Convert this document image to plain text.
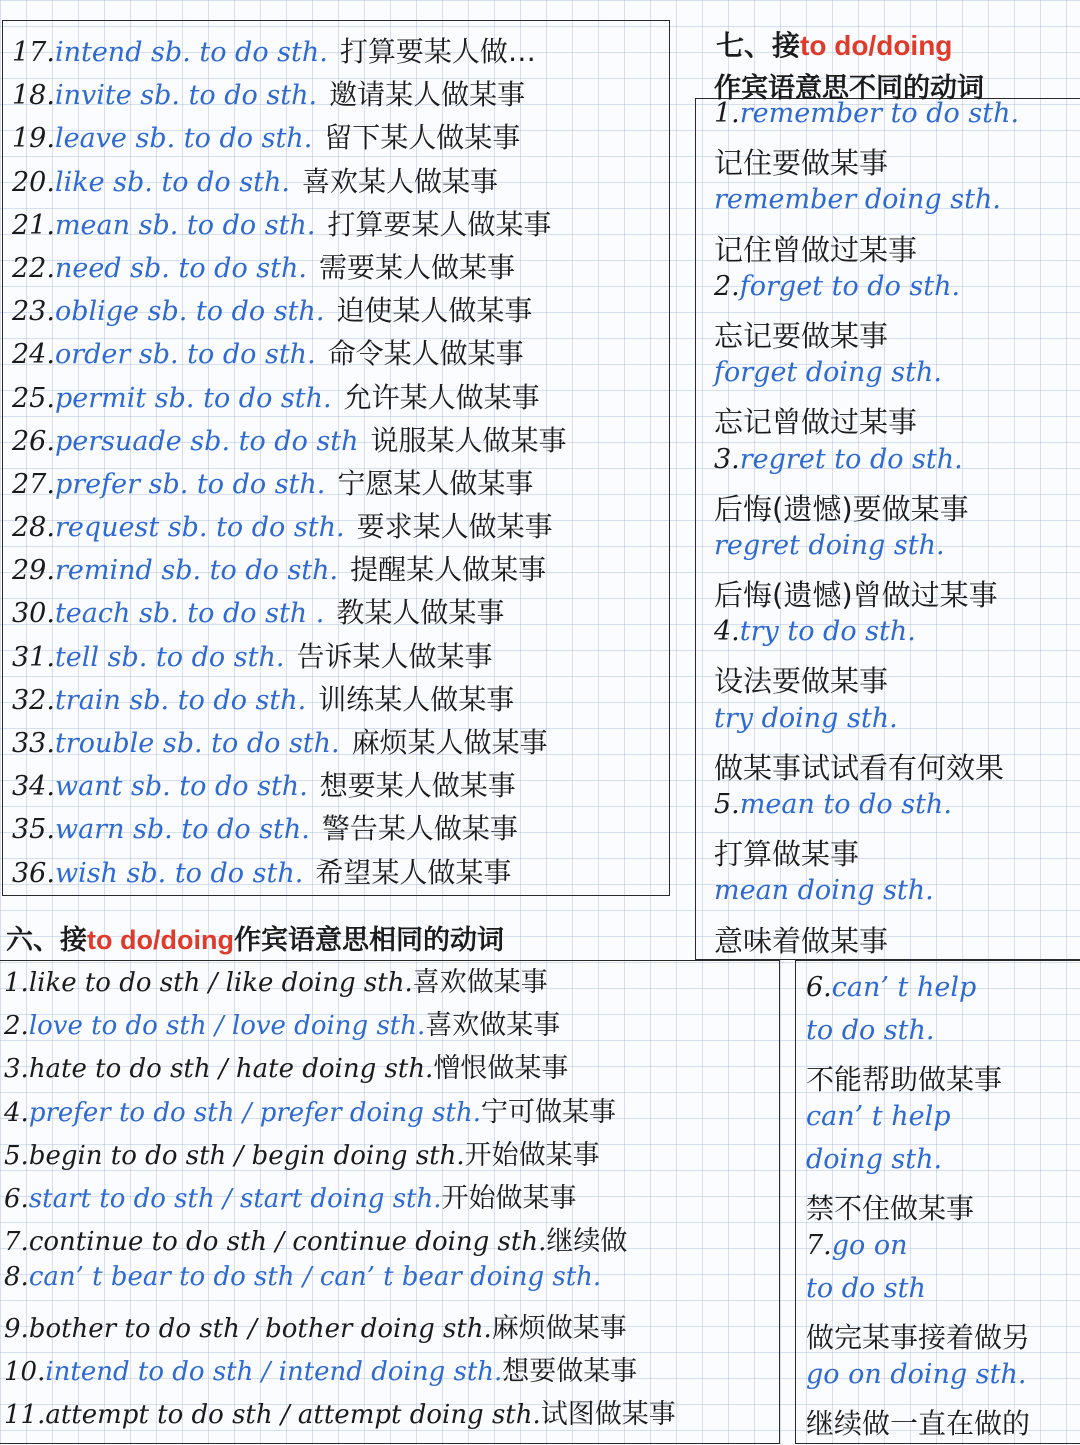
七、接to do/doing
作宾语意思不同的动词
六、接to do/doing作宾语意思相同的动词
17. intend sb. to do sth. 打算要某人做…
18. invite sb. to do sth. 邀请某人做某事
19. leave sb. to do sth. 留下某人做某事
20. like sb. to do sth. 喜欢某人做某事
21. mean sb. to do sth. 打算要某人做某事
22. need sb. to do sth. 需要某人做某事
23. oblige sb. to do sth. 迫使某人做某事
24. order sb. to do sth. 命令某人做某事
25. permit sb. to do sth. 允许某人做某事
26. persuade sb. to do sth 说服某人做某事
27. prefer sb. to do sth. 宁愿某人做某事
28. request sb. to do sth. 要求某人做某事
29. remind sb. to do sth. 提醒某人做某事
30. teach sb. to do sth . 教某人做某事
31. tell sb. to do sth. 告诉某人做某事
32. train sb. to do sth. 训练某人做某事
33. trouble sb. to do sth. 麻烦某人做某事
34. want sb. to do sth. 想要某人做某事
35. warn sb. to do sth. 警告某人做某事
36. wish sb. to do sth. 希望某人做某事
1. remember to do sth.
记住要做某事
remember doing sth.
记住曾做过某事
2. forget to do sth.
忘记要做某事
forget doing sth.
忘记曾做过某事
3. regret to do sth.
后悔(遗憾)要做某事
regret doing sth.
后悔(遗憾)曾做过某事
4. try to do sth.
设法要做某事
try doing sth.
做某事试试看有何效果
5. mean to do sth.
打算做某事
mean doing sth.
意味着做某事
1. like to do sth / like doing sth. 喜欢做某事
2. love to do sth / love doing sth. 喜欢做某事
3. hate to do sth / hate doing sth. 憎恨做某事
4. prefer to do sth / prefer doing sth. 宁可做某事
5. begin to do sth / begin doing sth. 开始做某事
6. start to do sth / start doing sth. 开始做某事
7. continue to do sth / continue doing sth. 继续做
8. can’ t bear to do sth / can’ t bear doing sth.
9. bother to do sth / bother doing sth. 麻烦做某事
10. intend to do sth / intend doing sth. 想要做某事
11. attempt to do sth / attempt doing sth. 试图做某事
6. can’ t help
to do sth.
不能帮助做某事
can’ t help
doing sth.
禁不住做某事
7. go on
to do sth
做完某事接着做另
go on doing sth.
继续做一直在做的
